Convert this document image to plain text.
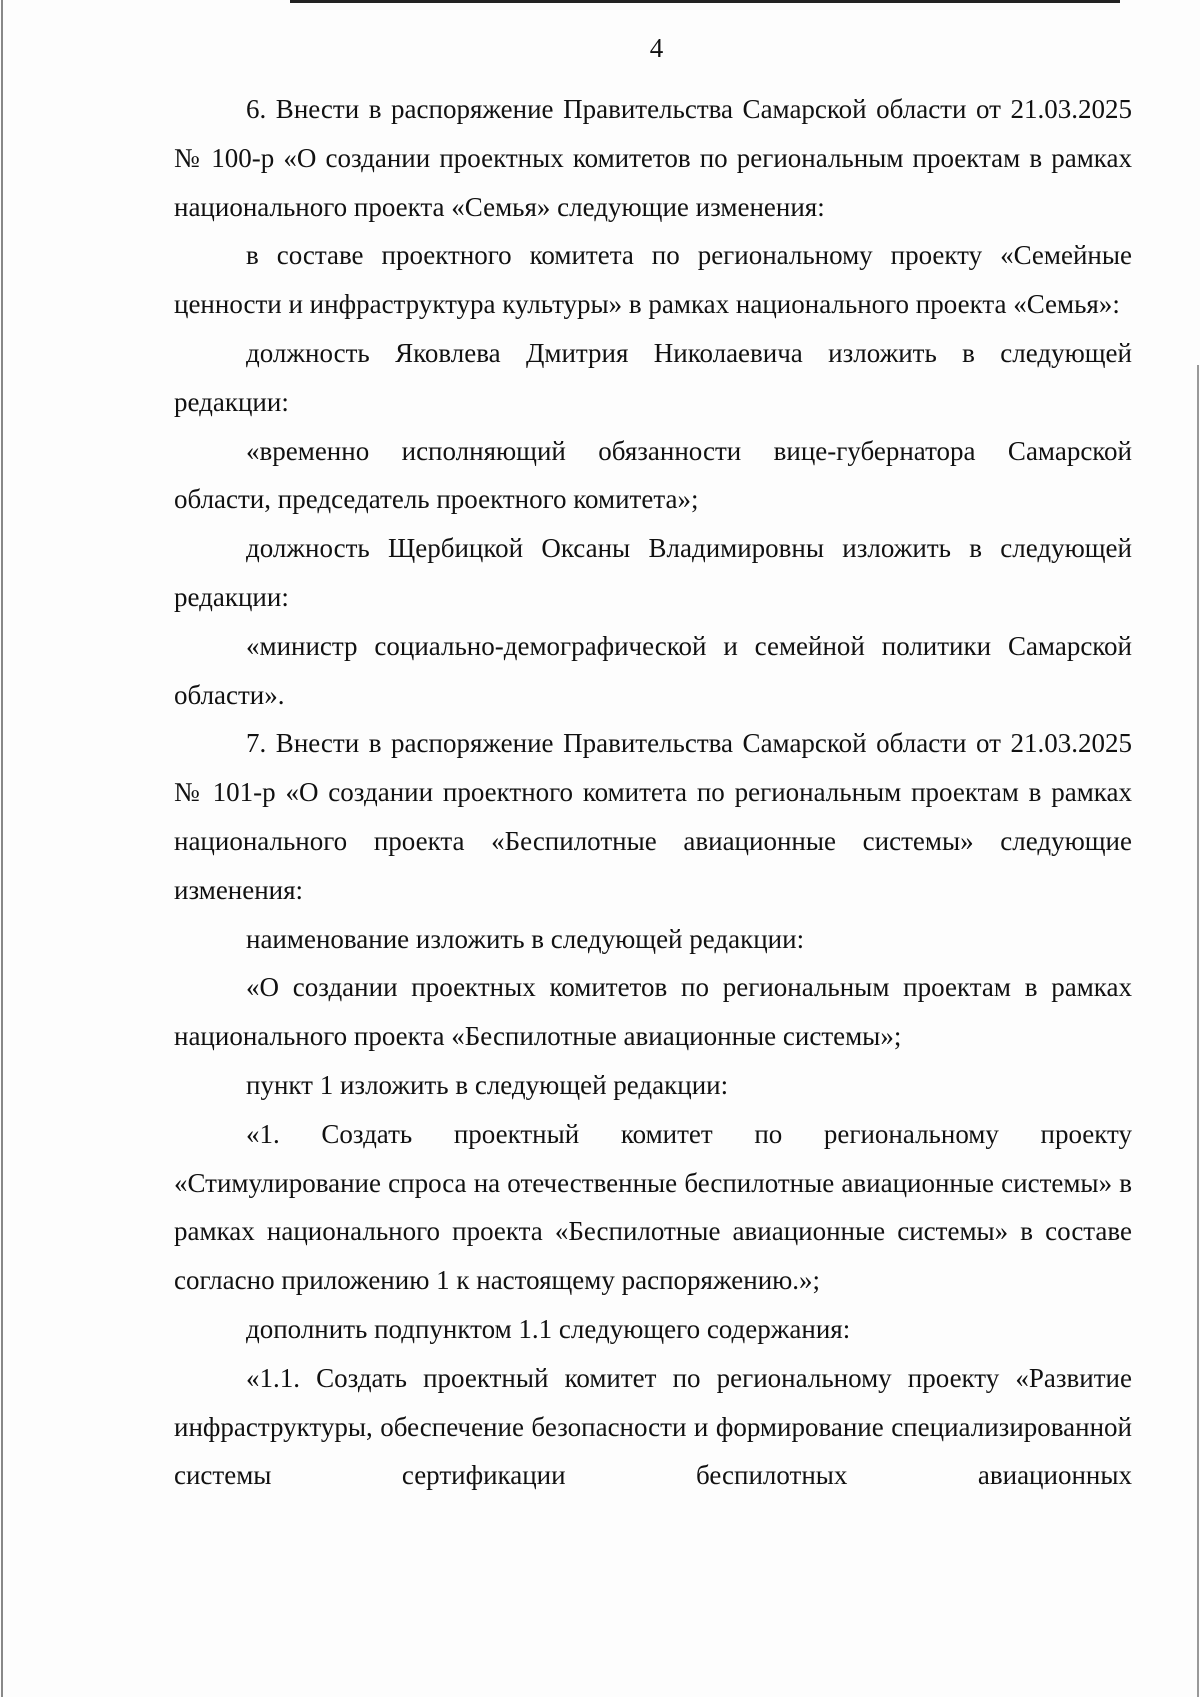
4

6. Внести в распоряжение Правительства Самарской области от 21.03.2025 № 100-р «О создании проектных комитетов по региональным проектам в рамках национального проекта «Семья» следующие изменения:

в составе проектного комитета по региональному проекту «Семейные ценности и инфраструктура культуры» в рамках национального проекта «Семья»:

должность Яковлева Дмитрия Николаевича изложить в следующей редакции:

«временно исполняющий обязанности вице-губернатора Самарской области, председатель проектного комитета»;

должность Щербицкой Оксаны Владимировны изложить в следующей редакции:

«министр социально-демографической и семейной политики Самарской области».

7. Внести в распоряжение Правительства Самарской области от 21.03.2025 № 101-р «О создании проектного комитета по региональным проектам в рамках национального проекта «Беспилотные авиационные системы» следующие изменения:

наименование изложить в следующей редакции:

«О создании проектных комитетов по региональным проектам в рамках национального проекта «Беспилотные авиационные системы»;

пункт 1 изложить в следующей редакции:

«1. Создать проектный комитет по региональному проекту «Стимулирование спроса на отечественные беспилотные авиационные системы» в рамках национального проекта «Беспилотные авиационные системы» в составе согласно приложению 1 к настоящему распоряжению.»;

дополнить подпунктом 1.1 следующего содержания:

«1.1. Создать проектный комитет по региональному проекту «Развитие инфраструктуры, обеспечение безопасности и формирование специализированной системы сертификации беспилотных авиационных
